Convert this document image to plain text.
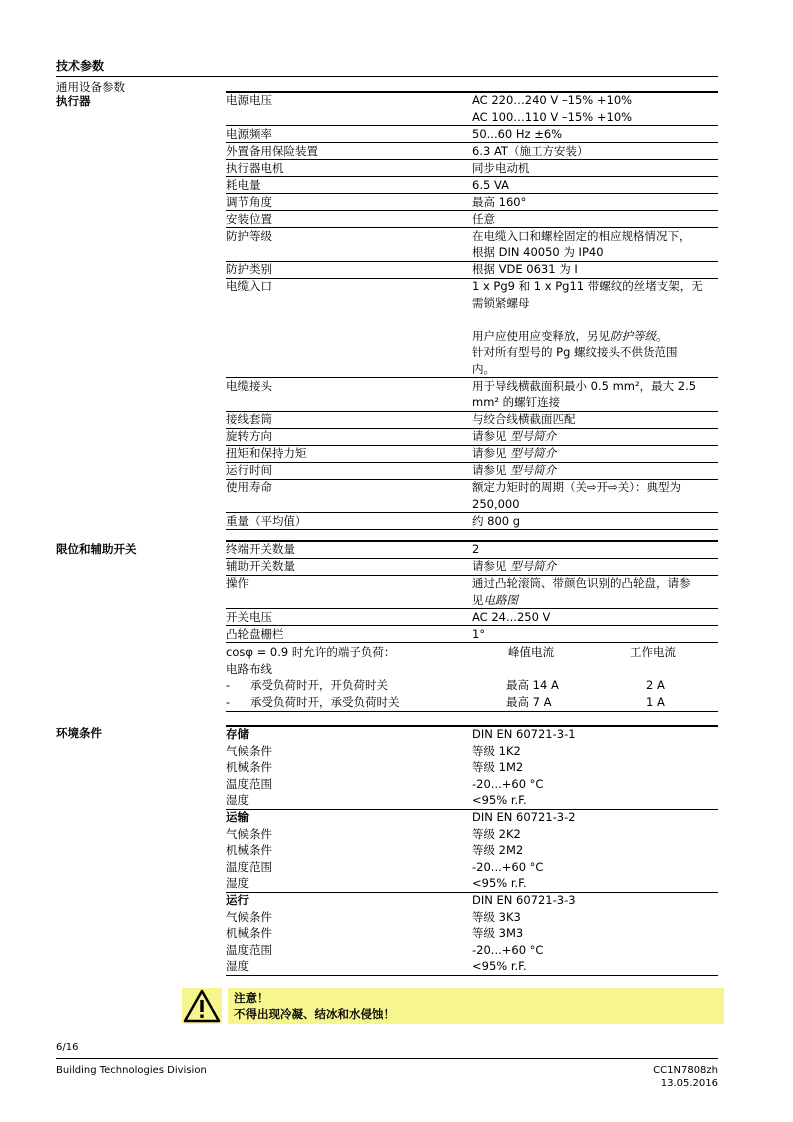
技术参数
通用设备参数
执行器
限位和辅助开关
环境条件
电源电压	AC 220…240 V –15% +10%
AC 100…110 V –15% +10%
电源频率	50...60 Hz ±6%
外置备用保险装置	6.3 AT（施工方安装）
执行器电机	同步电动机
耗电量	6.5 VA
调节角度	最高 160°
安装位置	任意
防护等级	在电缆入口和螺栓固定的相应规格情况下，
根据 DIN 40050 为 IP40
防护类别	根据 VDE 0631 为 I
电缆入口	1 x Pg9 和 1 x Pg11 带螺纹的丝堵支架，无
需锁紧螺母
用户应使用应变释放，另见防护等级。
针对所有型号的 Pg 螺纹接头不供货范围
内。
电缆接头	用于导线横截面积最小 0.5 mm²，最大 2.5
mm² 的螺钉连接
接线套筒	与绞合线横截面匹配
旋转方向	请参见 型号简介
扭矩和保持力矩	请参见 型号简介
运行时间	请参见 型号简介
使用寿命	额定力矩时的周期（关⇨开⇨关）：典型为
250,000
重量（平均值）	约 800 g
终端开关数量	2
辅助开关数量	请参见 型号简介
操作	通过凸轮滚筒、带颜色识别的凸轮盘，请参
见电路图
开关电压	AC 24...250 V
凸轮盘栅栏	1°
cosφ = 0.9 时允许的端子负荷：	峰值电流	工作电流
电路布线
- 承受负荷时开，开负荷时关	最高 14 A	2 A
- 承受负荷时开，承受负荷时关	最高 7 A	1 A
存储	DIN EN 60721-3-1
气候条件	等级 1K2
机械条件	等级 1M2
温度范围	-20...+60 °C
湿度	<95% r.F.
运输	DIN EN 60721-3-2
气候条件	等级 2K2
机械条件	等级 2M2
温度范围	-20...+60 °C
湿度	<95% r.F.
运行	DIN EN 60721-3-3
气候条件	等级 3K3
机械条件	等级 3M3
温度范围	-20...+60 °C
湿度	<95% r.F.
注意！
不得出现冷凝、结冰和水侵蚀！
6/16
Building Technologies Division	CC1N7808zh
13.05.2016
